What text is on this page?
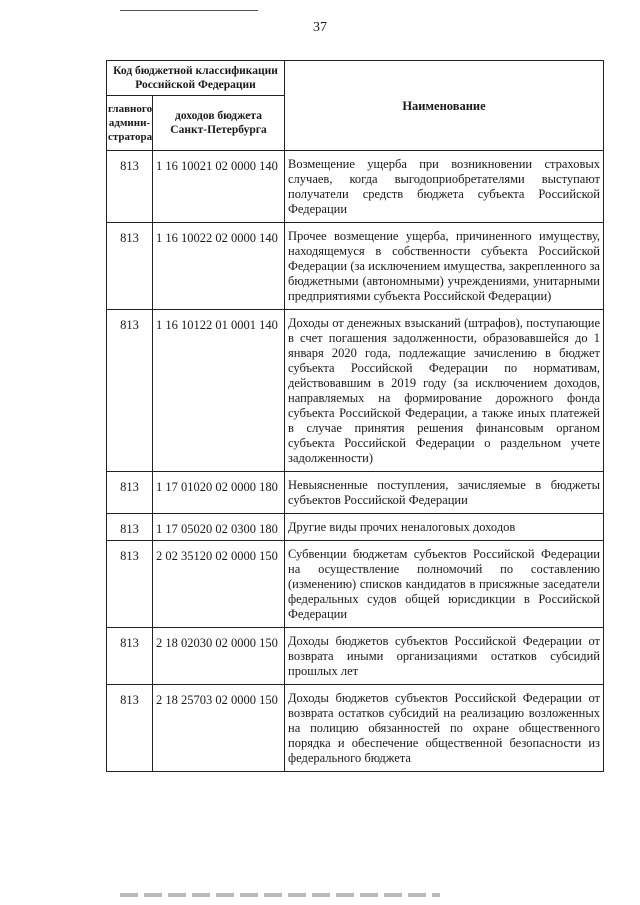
37
Код бюджетной классификации Российской Федерации		Наименование
главного админи-стратора	доходов бюджета Санкт-Петербурга	
813	1 16 10021 02 0000 140	Возмещение ущерба при возникновении страховых случаев, когда выгодоприобретателями выступают получатели средств бюджета субъекта Российской Федерации
813	1 16 10022 02 0000 140	Прочее возмещение ущерба, причиненного имуществу, находящемуся в собственности субъекта Российской Федерации (за исключением имущества, закрепленного за бюджетными (автономными) учреждениями, унитарными предприятиями субъекта Российской Федерации)
813	1 16 10122 01 0001 140	Доходы от денежных взысканий (штрафов), поступающие в счет погашения задолженности, образовавшейся до 1 января 2020 года, подлежащие зачислению в бюджет субъекта Российской Федерации по нормативам, действовавшим в 2019 году (за исключением доходов, направляемых на формирование дорожного фонда субъекта Российской Федерации, а также иных платежей в случае принятия решения финансовым органом субъекта Российской Федерации о раздельном учете задолженности)
813	1 17 01020 02 0000 180	Невыясненные поступления, зачисляемые в бюджеты субъектов Российской Федерации
813	1 17 05020 02 0300 180	Другие виды прочих неналоговых доходов
813	2 02 35120 02 0000 150	Субвенции бюджетам субъектов Российской Федерации на осуществление полномочий по составлению (изменению) списков кандидатов в присяжные заседатели федеральных судов общей юрисдикции в Российской Федерации
813	2 18 02030 02 0000 150	Доходы бюджетов субъектов Российской Федерации от возврата иными организациями остатков субсидий прошлых лет
813	2 18 25703 02 0000 150	Доходы бюджетов субъектов Российской Федерации от возврата остатков субсидий на реализацию возложенных на полицию обязанностей по охране общественного порядка и обеспечение общественной безопасности из федерального бюджета
